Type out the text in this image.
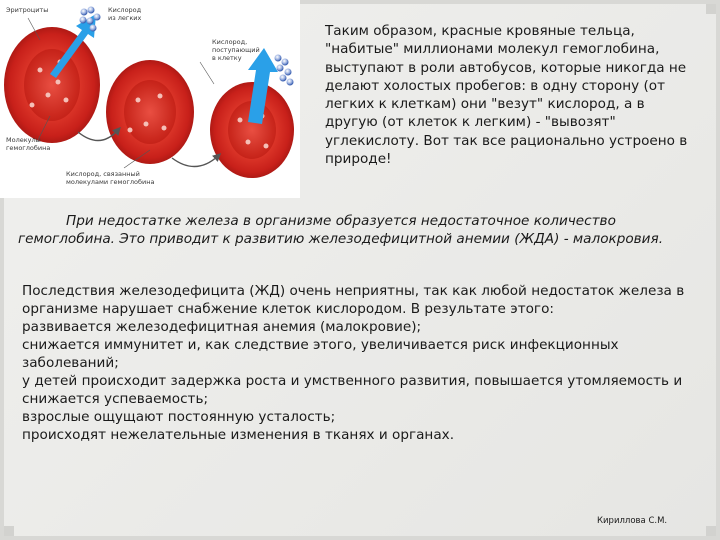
Эритроциты	Кислород
из легких
Кислород,
поступающий
в клетку
Молекулы
гемоглобина
Кислород, связанный
молекулами гемоглобина

Таким образом, красные кровяные тельца, "набитые" миллионами молекул гемоглобина, выступают в роли автобусов, которые никогда не делают холостых пробегов: в одну сторону (от легких к клеткам) они "везут" кислород, а в другую (от клеток к легким) - "вывозят" углекислоту. Вот так все рационально устроено в природе!

При недостатке железа в организме образуется недостаточное количество гемоглобина. Это приводит к развитию железодефицитной анемии (ЖДА) - малокровия.

Последствия железодефицита (ЖД) очень неприятны, так как любой недостаток железа в организме нарушает снабжение клеток кислородом. В результате этого:
развивается железодефицитная анемия (малокровие);
снижается иммунитет и, как следствие этого, увеличивается риск инфекционных заболеваний;
у детей происходит задержка роста и умственного развития, повышается утомляемость и снижается успеваемость;
взрослые ощущают постоянную усталость;
происходят нежелательные изменения в тканях и органах.

Кириллова С.М.
